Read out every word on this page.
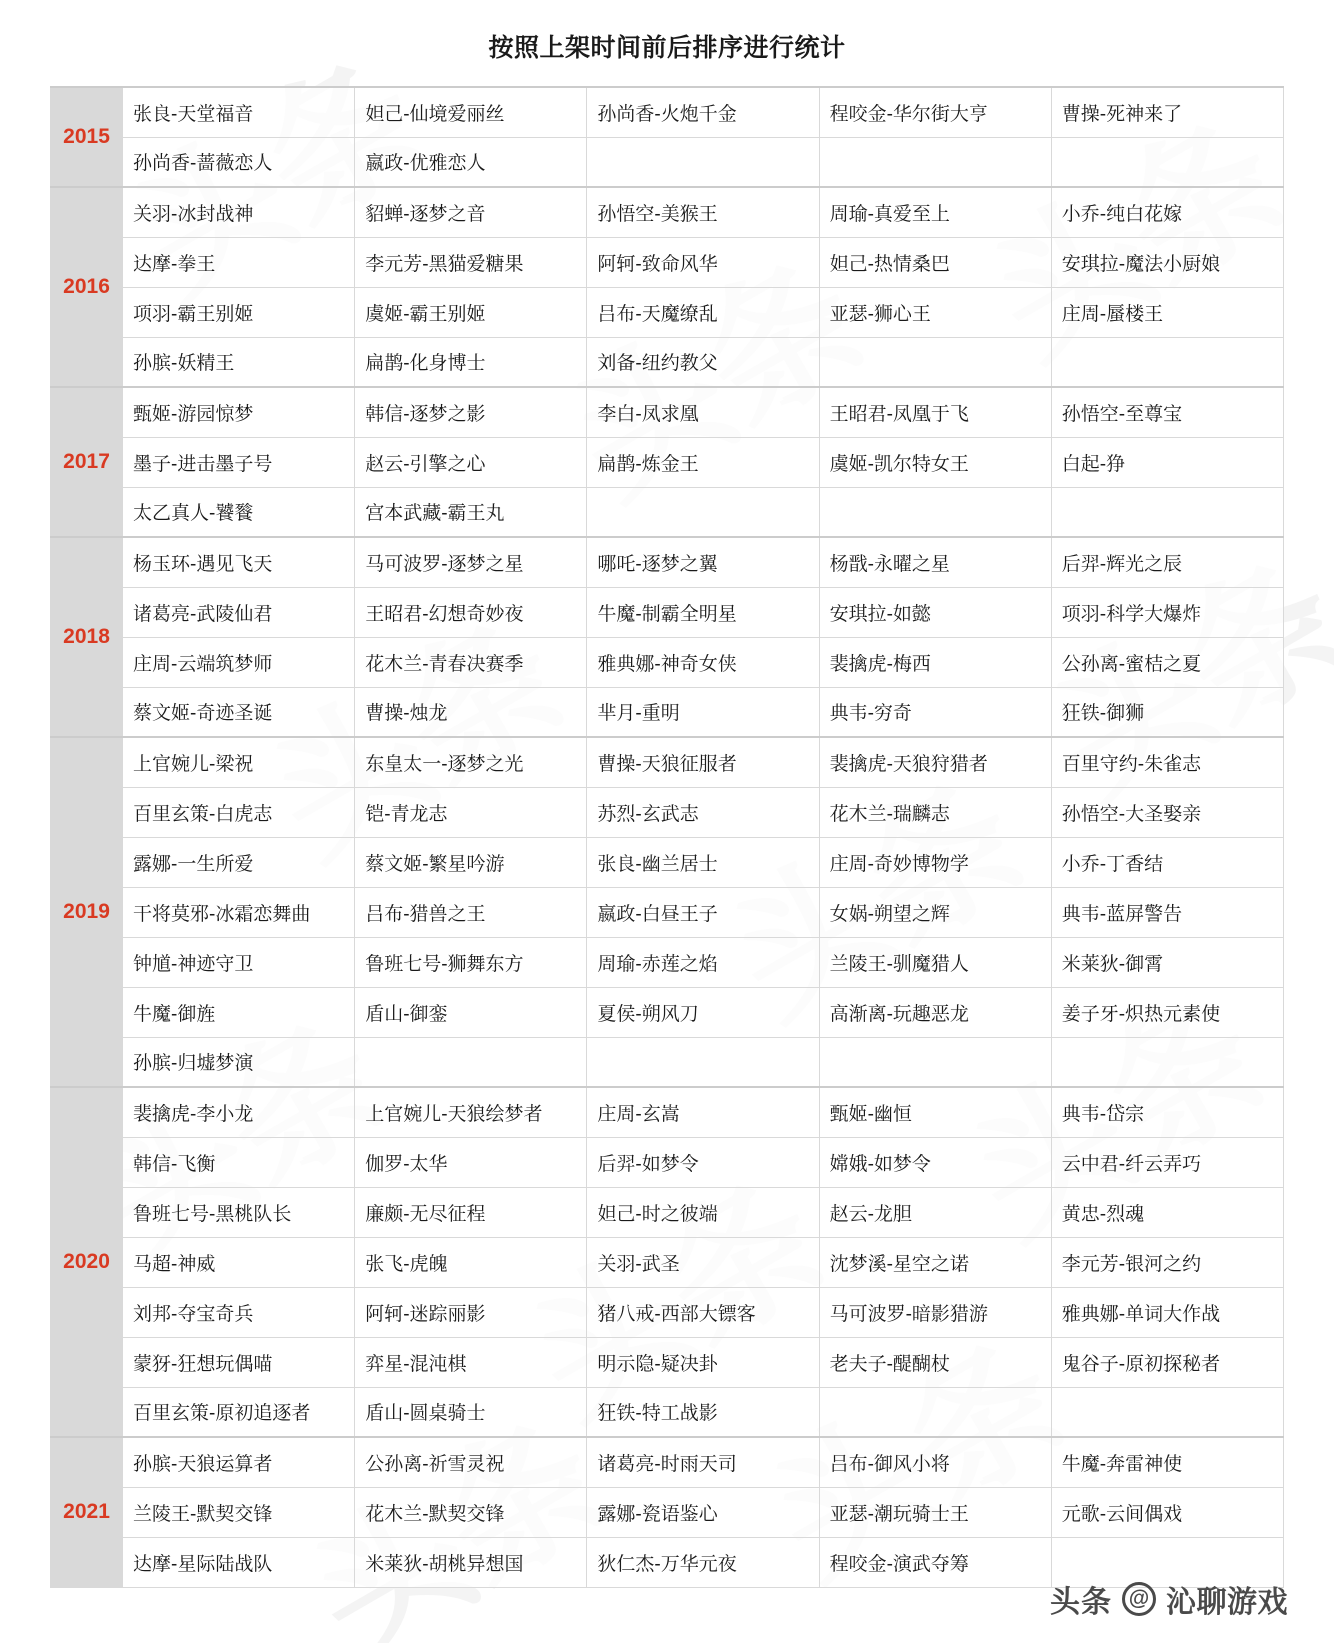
按照上架时间前后排序进行统计
2015	张良-天堂福音	妲己-仙境爱丽丝	孙尚香-火炮千金	程咬金-华尔街大亨	曹操-死神来了
	孙尚香-蔷薇恋人	嬴政-优雅恋人			
2016	关羽-冰封战神	貂蝉-逐梦之音	孙悟空-美猴王	周瑜-真爱至上	小乔-纯白花嫁
	达摩-拳王	李元芳-黑猫爱糖果	阿轲-致命风华	妲己-热情桑巴	安琪拉-魔法小厨娘
	项羽-霸王别姬	虞姬-霸王别姬	吕布-天魔缭乱	亚瑟-狮心王	庄周-蜃楼王
	孙膑-妖精王	扁鹊-化身博士	刘备-纽约教父		
2017	甄姬-游园惊梦	韩信-逐梦之影	李白-凤求凰	王昭君-凤凰于飞	孙悟空-至尊宝
	墨子-进击墨子号	赵云-引擎之心	扁鹊-炼金王	虞姬-凯尔特女王	白起-狰
	太乙真人-饕餮	宫本武藏-霸王丸			
2018	杨玉环-遇见飞天	马可波罗-逐梦之星	哪吒-逐梦之翼	杨戬-永曜之星	后羿-辉光之辰
	诸葛亮-武陵仙君	王昭君-幻想奇妙夜	牛魔-制霸全明星	安琪拉-如懿	项羽-科学大爆炸
	庄周-云端筑梦师	花木兰-青春决赛季	雅典娜-神奇女侠	裴擒虎-梅西	公孙离-蜜桔之夏
	蔡文姬-奇迹圣诞	曹操-烛龙	芈月-重明	典韦-穷奇	狂铁-御狮
2019	上官婉儿-梁祝	东皇太一-逐梦之光	曹操-天狼征服者	裴擒虎-天狼狩猎者	百里守约-朱雀志
	百里玄策-白虎志	铠-青龙志	苏烈-玄武志	花木兰-瑞麟志	孙悟空-大圣娶亲
	露娜-一生所爱	蔡文姬-繁星吟游	张良-幽兰居士	庄周-奇妙博物学	小乔-丁香结
	干将莫邪-冰霜恋舞曲	吕布-猎兽之王	嬴政-白昼王子	女娲-朔望之辉	典韦-蓝屏警告
	钟馗-神迹守卫	鲁班七号-狮舞东方	周瑜-赤莲之焰	兰陵王-驯魔猎人	米莱狄-御霄
	牛魔-御旌	盾山-御銮	夏侯-朔风刀	高渐离-玩趣恶龙	姜子牙-炽热元素使
	孙膑-归墟梦演				
2020	裴擒虎-李小龙	上官婉儿-天狼绘梦者	庄周-玄嵩	甄姬-幽恒	典韦-岱宗
	韩信-飞衡	伽罗-太华	后羿-如梦令	嫦娥-如梦令	云中君-纤云弄巧
	鲁班七号-黑桃队长	廉颇-无尽征程	妲己-时之彼端	赵云-龙胆	黄忠-烈魂
	马超-神威	张飞-虎魄	关羽-武圣	沈梦溪-星空之诺	李元芳-银河之约
	刘邦-夺宝奇兵	阿轲-迷踪丽影	猪八戒-西部大镖客	马可波罗-暗影猎游	雅典娜-单词大作战
	蒙犽-狂想玩偶喵	弈星-混沌棋	明示隐-疑决卦	老夫子-醍醐杖	鬼谷子-原初探秘者
	百里玄策-原初追逐者	盾山-圆桌骑士	狂铁-特工战影		
2021	孙膑-天狼运算者	公孙离-祈雪灵祝	诸葛亮-时雨天司	吕布-御风小将	牛魔-奔雷神使
	兰陵王-默契交锋	花木兰-默契交锋	露娜-瓷语鉴心	亚瑟-潮玩骑士王	元歌-云间偶戏
	达摩-星际陆战队	米莱狄-胡桃异想国	狄仁杰-万华元夜	程咬金-演武夺筹	
头条 @ 沁聊游戏
